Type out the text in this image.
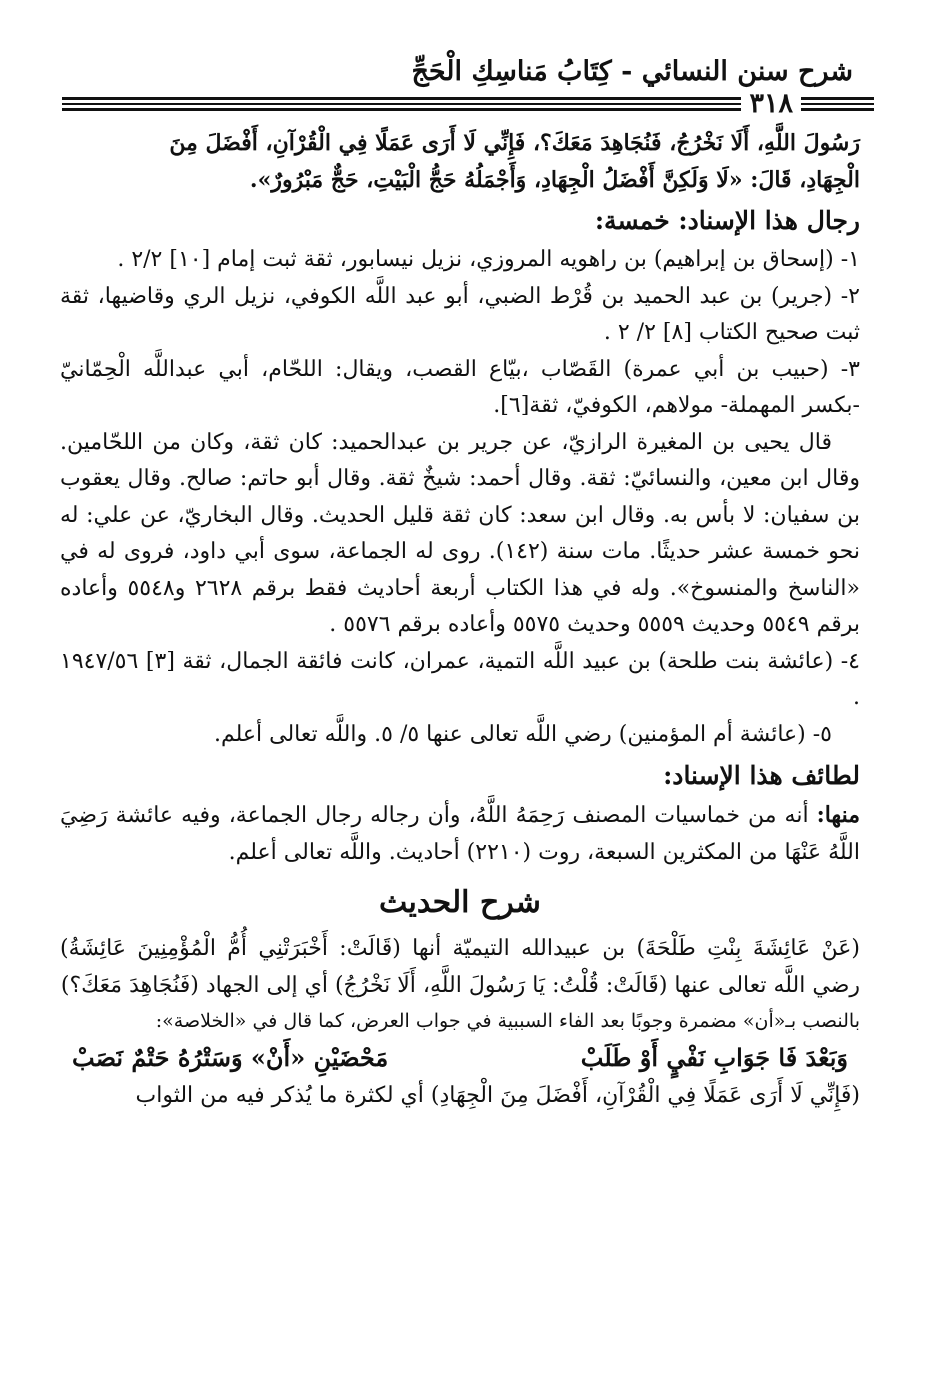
شرح سنن النسائي - كِتَابُ مَناسِكِ الْحَجِّ
٣١٨

رَسُولَ اللَّهِ، أَلَا نَخْرُجُ، فَنُجَاهِدَ مَعَكَ؟، فَإِنِّي لَا أَرَى عَمَلًا فِي الْقُرْآنِ، أَفْضَلَ مِنَ

الْجِهَادِ، قَالَ: «لَا وَلَكِنَّ أَفْضَلُ الْجِهَادِ، وَأَجْمَلُهُ حَجُّ الْبَيْتِ، حَجٌّ مَبْرُورٌ».

رجال هذا الإسناد: خمسة:

١- (إسحاق بن إبراهيم) بن راهويه المروزي، نزيل نيسابور، ثقة ثبت إمام [١٠] ٢/٢ .

٢- (جرير) بن عبد الحميد بن قُرْط الضبي، أبو عبد اللَّه الكوفي، نزيل الري وقاضيها، ثقة ثبت صحيح الكتاب [٨] ٢/ ٢ .

٣- (حبيب بن أبي عمرة) القَصّاب ،بيّاع القصب، ويقال: اللحّام، أبي عبداللَّه الْحِمّانيّ -بكسر المهملة- مولاهم، الكوفيّ، ثقة[٦].

قال يحيى بن المغيرة الرازيّ، عن جرير بن عبدالحميد: كان ثقة، وكان من اللحّامين. وقال ابن معين، والنسائيّ: ثقة. وقال أحمد: شيخٌ ثقة. وقال أبو حاتم: صالح. وقال يعقوب بن سفيان: لا بأس به. وقال ابن سعد: كان ثقة قليل الحديث. وقال البخاريّ، عن علي: له نحو خمسة عشر حديثًا. مات سنة (١٤٢). روى له الجماعة، سوى أبي داود، فروى له في «الناسخ والمنسوخ». وله في هذا الكتاب أربعة أحاديث فقط برقم ٢٦٢٨ و٥٥٤٨ وأعاده برقم ٥٥٤٩ وحديث ٥٥٥٩ وحديث ٥٥٧٥ وأعاده برقم ٥٥٧٦ .

٤- (عائشة بنت طلحة) بن عبيد اللَّه التمية، عمران، كانت فائقة الجمال، ثقة [٣] ١٩٤٧/٥٦ .

٥- (عائشة أم المؤمنين) رضي اللَّه تعالى عنها ٥/ ٥. واللَّه تعالى أعلم.

لطائف هذا الإسناد:

منها: أنه من خماسيات المصنف رَحِمَهُ اللَّهُ، وأن رجاله رجال الجماعة، وفيه عائشة رَضِيَ اللَّهُ عَنْهَا من المكثرين السبعة، روت (٢٢١٠) أحاديث. واللَّه تعالى أعلم.

شرح الحديث

(عَنْ عَائِشَةَ بِنْتِ طَلْحَةَ) بن عبيدالله التيميّة أنها (قَالَتْ: أَخْبَرَتْنِي أُمُّ الْمُؤْمِنِينَ عَائِشَةُ) رضي اللَّه تعالى عنها (قَالَتْ: قُلْتُ: يَا رَسُولَ اللَّهِ، أَلَا نَخْرُجُ) أي إلى الجهاد (فَنُجَاهِدَ مَعَكَ؟)

بالنصب بـ«أن» مضمرة وجوبًا بعد الفاء السببية في جواب العرض، كما قال في «الخلاصة»:

وَبَعْدَ فَا جَوَابِ نَفْيٍ أَوْ طَلَبْ
مَحْضَيْنِ «أَنْ» وَسَتْرُهُ حَتْمٌ نَصَبْ

(فَإِنِّي لَا أَرَى عَمَلًا فِي الْقُرْآنِ، أَفْضَلَ مِنَ الْجِهَادِ) أي لكثرة ما يُذكر فيه من الثواب
